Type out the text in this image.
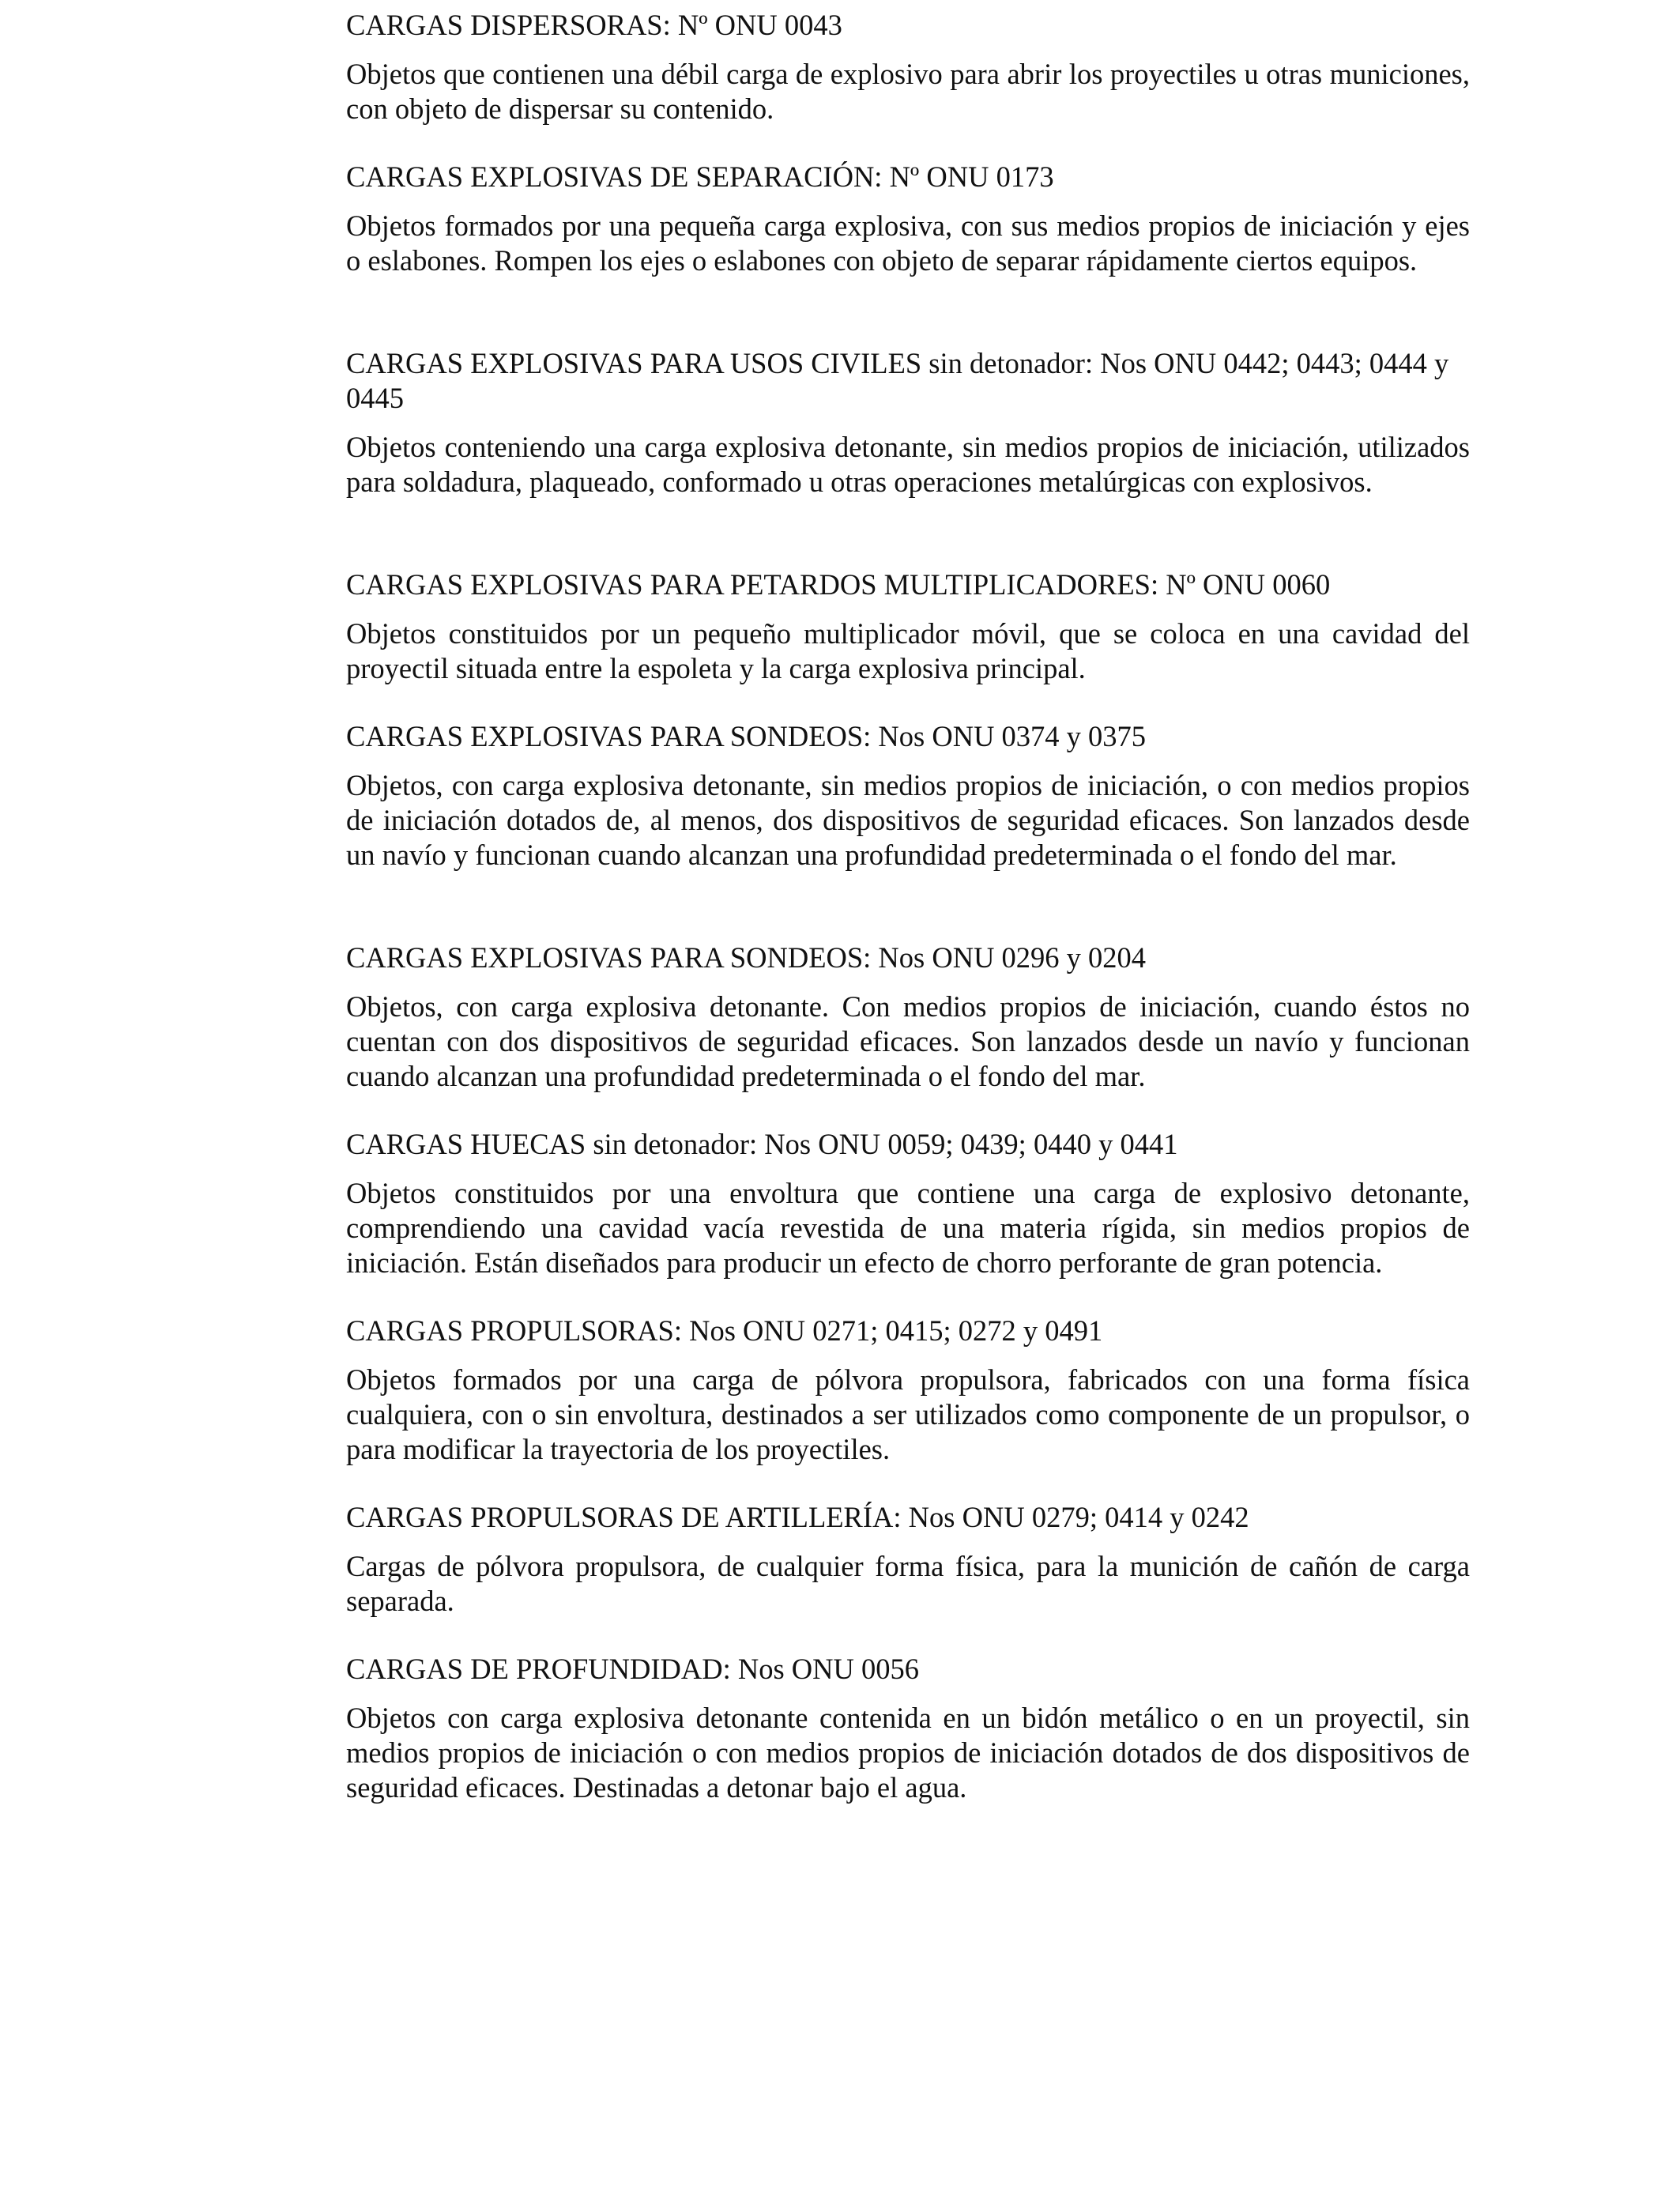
CARGAS DISPERSORAS: Nº ONU 0043

Objetos que contienen una débil carga de explosivo para abrir los proyectiles u otras municiones, con objeto de dispersar su contenido.

CARGAS EXPLOSIVAS DE SEPARACIÓN: Nº ONU 0173

Objetos formados por una pequeña carga explosiva, con sus medios propios de iniciación y ejes o eslabones. Rompen los ejes o eslabones con objeto de separar rápidamente ciertos equipos.

CARGAS EXPLOSIVAS PARA USOS CIVILES sin detonador: Nos ONU 0442; 0443; 0444 y 0445

Objetos conteniendo una carga explosiva detonante, sin medios propios de iniciación, utilizados para soldadura, plaqueado, conformado u otras operaciones metalúrgicas con explosivos.

CARGAS EXPLOSIVAS PARA PETARDOS MULTIPLICADORES: Nº ONU 0060

Objetos constituidos por un pequeño multiplicador móvil, que se coloca en una cavidad del proyectil situada entre la espoleta y la carga explosiva principal.

CARGAS EXPLOSIVAS PARA SONDEOS: Nos ONU 0374 y 0375

Objetos, con carga explosiva detonante, sin medios propios de iniciación, o con medios propios de iniciación dotados de, al menos, dos dispositivos de seguridad eficaces. Son lanzados desde un navío y funcionan cuando alcanzan una profundidad predeterminada o el fondo del mar.

CARGAS EXPLOSIVAS PARA SONDEOS: Nos ONU 0296 y 0204

Objetos, con carga explosiva detonante. Con medios propios de iniciación, cuando éstos no cuentan con dos dispositivos de seguridad eficaces. Son lanzados desde un navío y funcionan cuando alcanzan una profundidad predeterminada o el fondo del mar.

CARGAS HUECAS sin detonador: Nos ONU 0059; 0439; 0440 y 0441

Objetos constituidos por una envoltura que contiene una carga de explosivo detonante, comprendiendo una cavidad vacía revestida de una materia rígida, sin medios propios de iniciación. Están diseñados para producir un efecto de chorro perforante de gran potencia.

CARGAS PROPULSORAS: Nos ONU 0271; 0415; 0272 y 0491

Objetos formados por una carga de pólvora propulsora, fabricados con una forma física cualquiera, con o sin envoltura, destinados a ser utilizados como componente de un propulsor, o para modificar la trayectoria de los proyectiles.

CARGAS PROPULSORAS DE ARTILLERÍA: Nos ONU 0279; 0414 y 0242

Cargas de pólvora propulsora, de cualquier forma física, para la munición de cañón de carga separada.

CARGAS DE PROFUNDIDAD: Nos ONU 0056

Objetos con carga explosiva detonante contenida en un bidón metálico o en un proyectil, sin medios propios de iniciación o con medios propios de iniciación dotados de dos dispositivos de seguridad eficaces. Destinadas a detonar bajo el agua.
